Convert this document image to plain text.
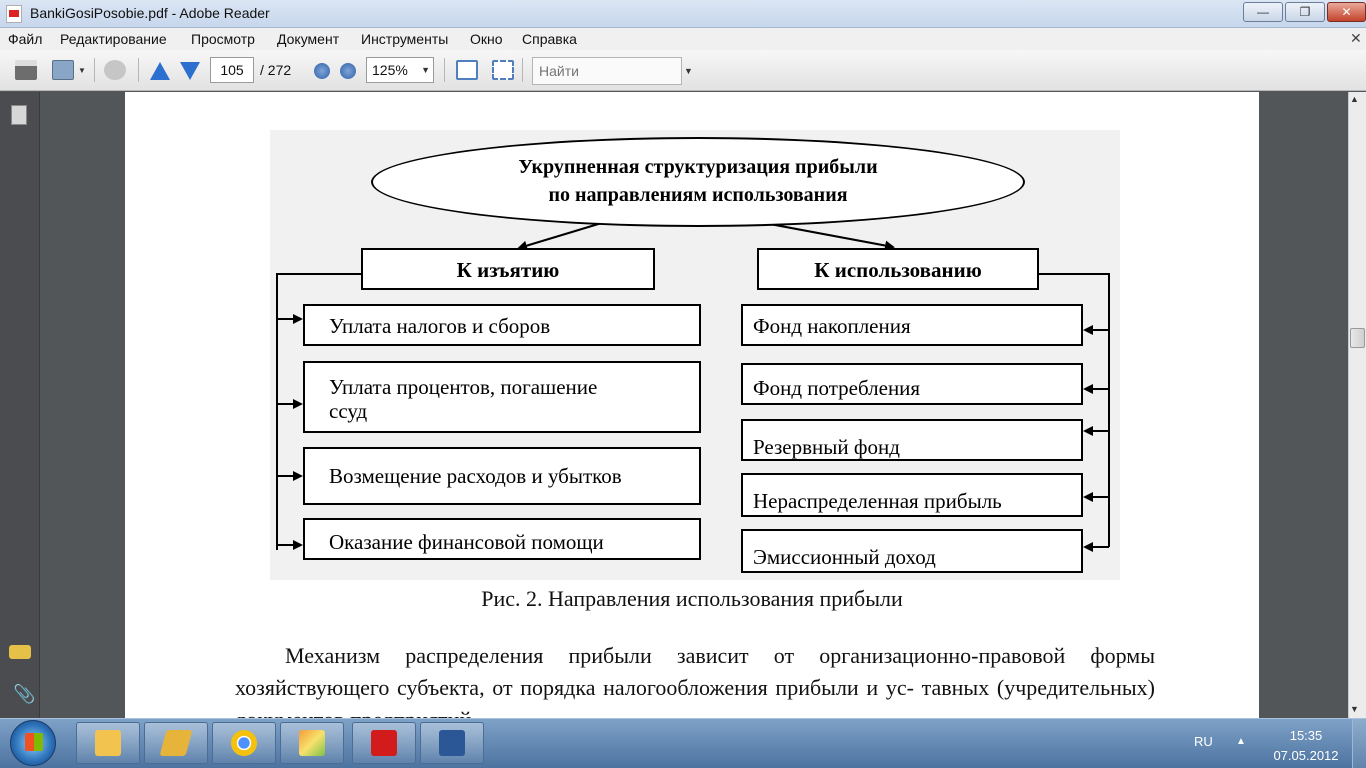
BankiGosiPosobie.pdf - Adobe Reader	—	❐	✕
Файл Редактирование Просмотр Документ Инструменты Окно Справка	✕
▼
105	/ 272	125% ▼
Найти	▼
📎
Укрупненная структуризация прибыли
по направлениям использования
К изъятию	К использованию
Уплата налогов и сборов
Уплата процентов, погашение
ссуд
Возмещение расходов и убытков
Оказание финансовой помощи
Фонд накопления
Фонд потребления
Резервный фонд
Нераспределенная прибыль
Эмиссионный доход
Рис. 2. Направления использования прибыли
Механизм распределения прибыли зависит от организационно-правовой формы хозяйствующего субъекта, от порядка налогообложения прибыли и ус- тавных (учредительных)
▲
▼
RU ▲	15:35
07.05.2012
